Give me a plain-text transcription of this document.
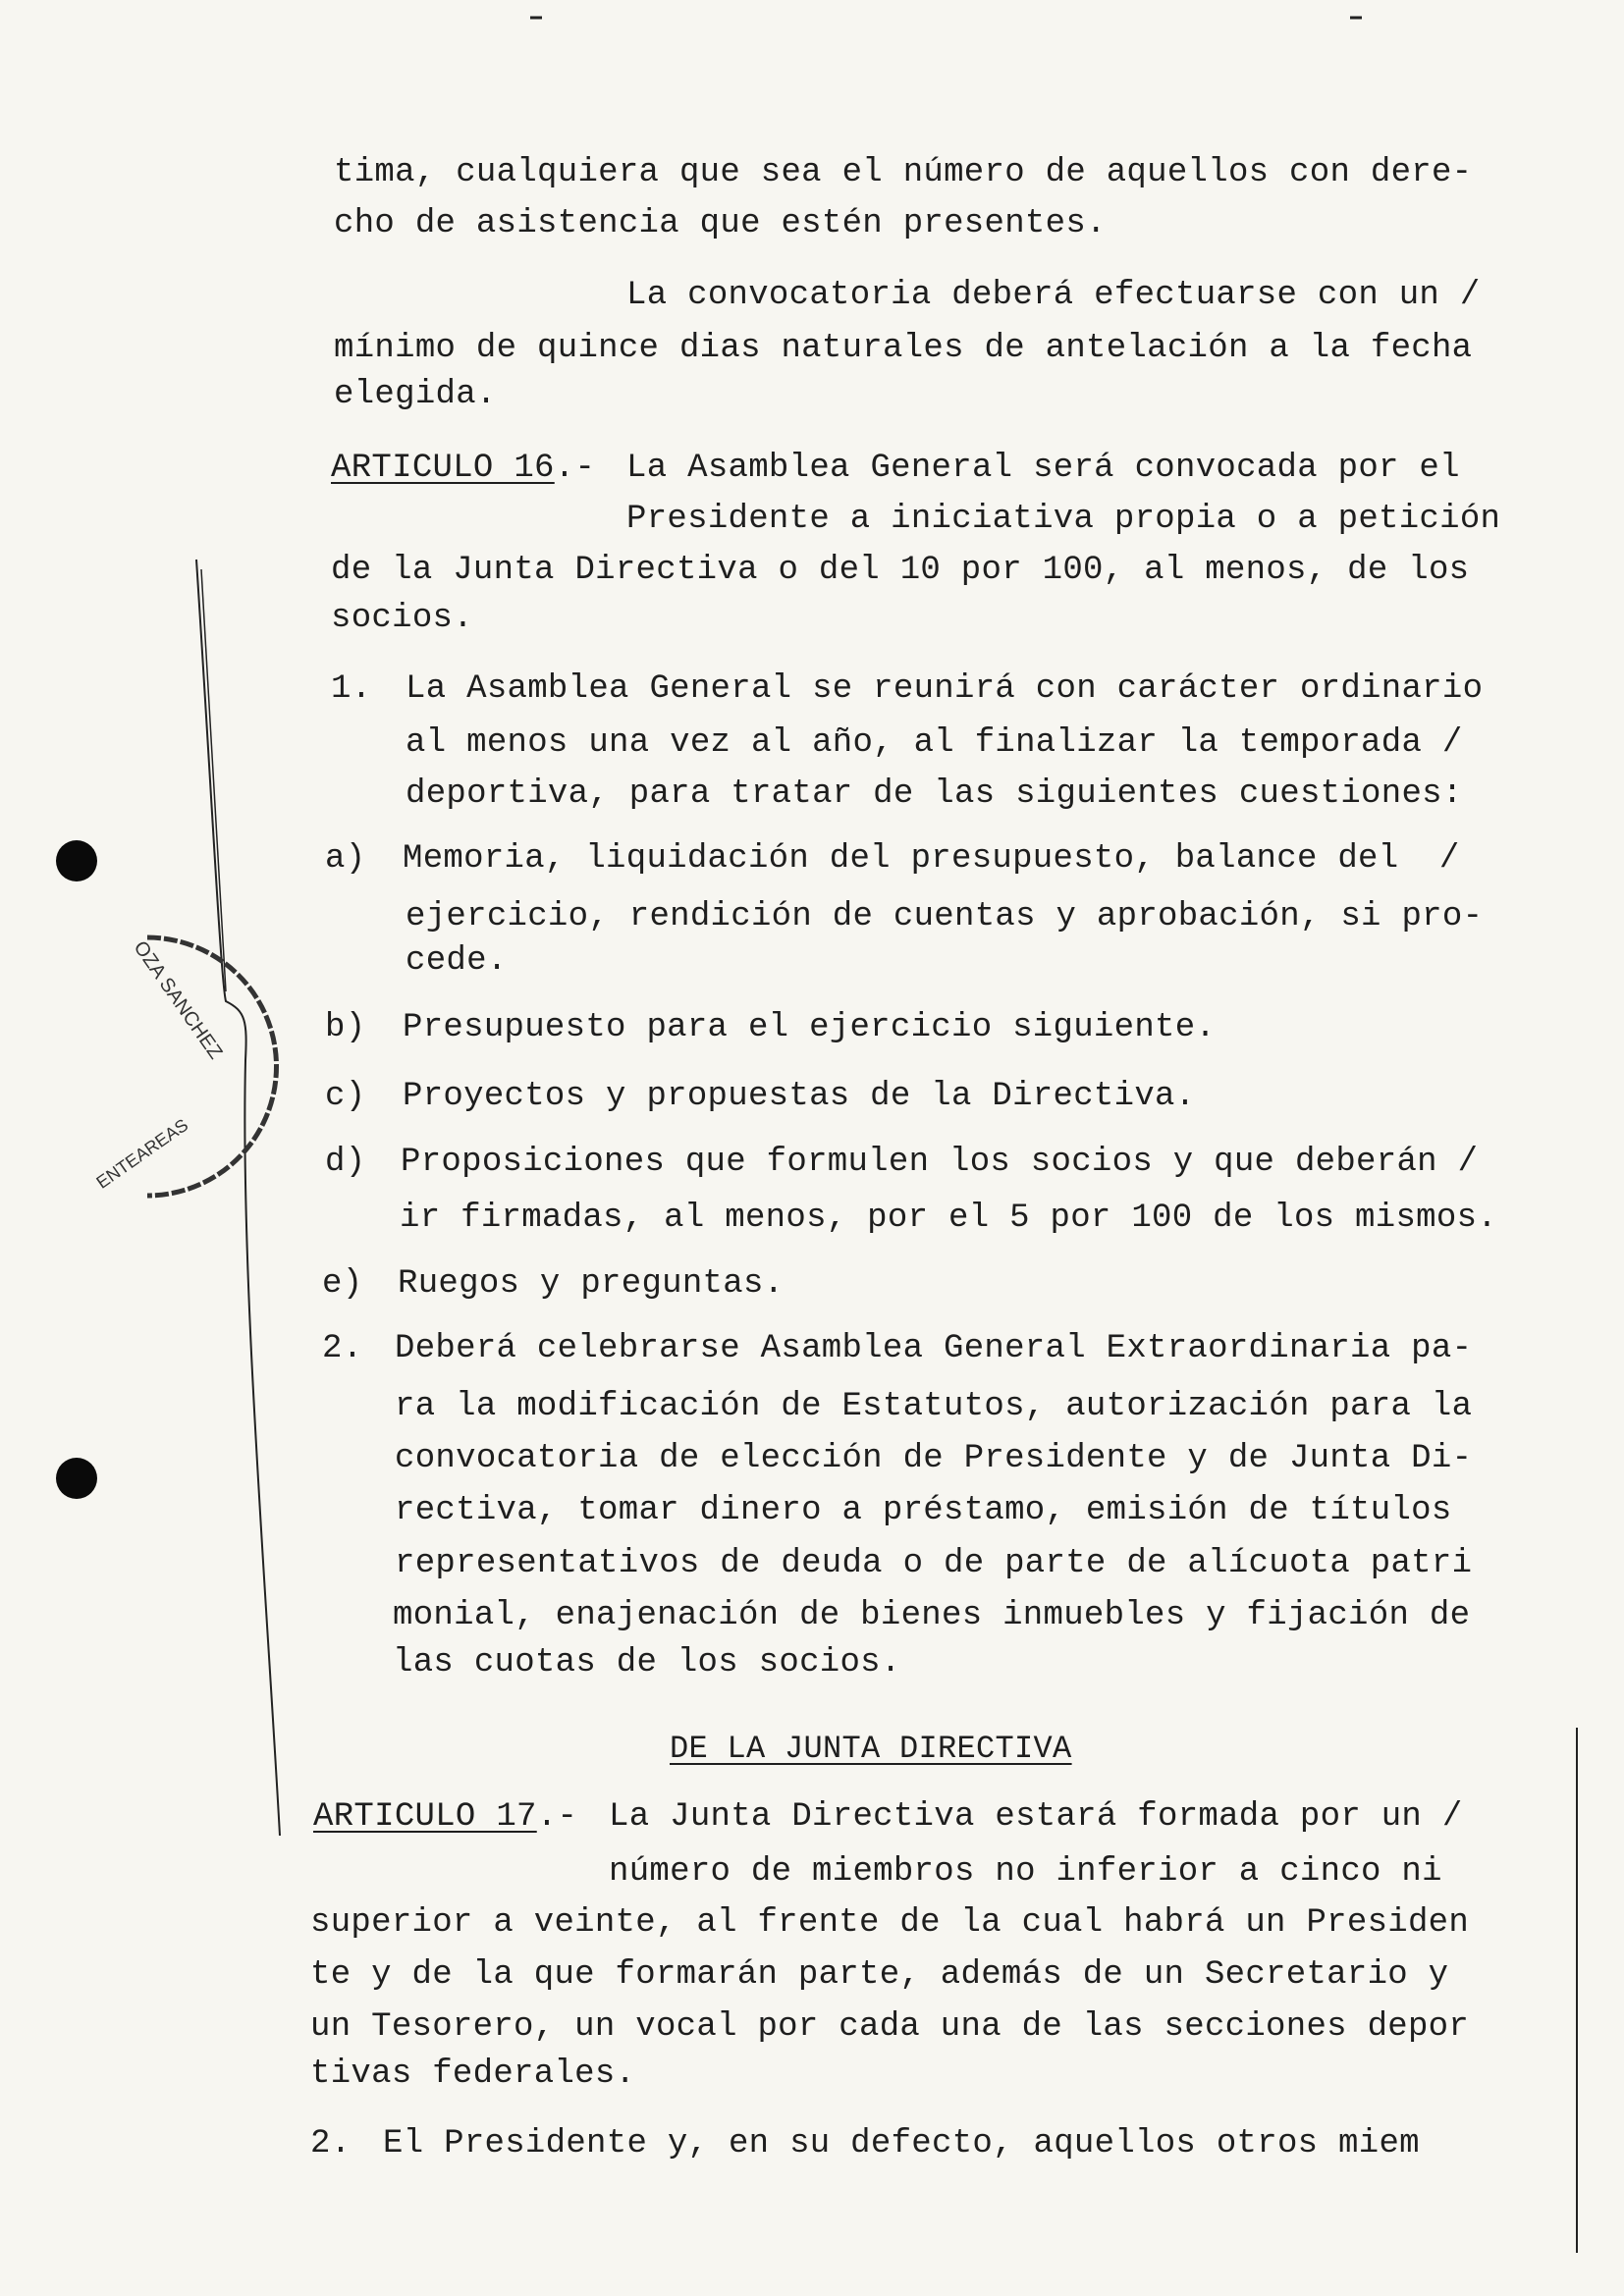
OZA SANCHEZ
ENTEAREAS
tima, cualquiera que sea el número de aquellos con dere-
cho de asistencia que estén presentes.
La convocatoria deberá efectuarse con un /
mínimo de quince dias naturales de antelación a la fecha
elegida.
ARTICULO 16.- La Asamblea General será convocada por el
Presidente a iniciativa propia o a petición
de la Junta Directiva o del 10 por 100, al menos, de los
socios.
1. La Asamblea General se reunirá con carácter ordinario
al menos una vez al año, al finalizar la temporada /
deportiva, para tratar de las siguientes cuestiones:
a) Memoria, liquidación del presupuesto, balance del  /
ejercicio, rendición de cuentas y aprobación, si pro-
cede.
b) Presupuesto para el ejercicio siguiente.
c) Proyectos y propuestas de la Directiva.
d) Proposiciones que formulen los socios y que deberán /
ir firmadas, al menos, por el 5 por 100 de los mismos.
e) Ruegos y preguntas.
2. Deberá celebrarse Asamblea General Extraordinaria pa-
ra la modificación de Estatutos, autorización para la
convocatoria de elección de Presidente y de Junta Di-
rectiva, tomar dinero a préstamo, emisión de títulos
representativos de deuda o de parte de alícuota patri
monial, enajenación de bienes inmuebles y fijación de
las cuotas de los socios.
DE LA JUNTA DIRECTIVA
ARTICULO 17.- La Junta Directiva estará formada por un /
número de miembros no inferior a cinco ni
superior a veinte, al frente de la cual habrá un Presiden
te y de la que formarán parte, además de un Secretario y
un Tesorero, un vocal por cada una de las secciones depor
tivas federales.
2. El Presidente y, en su defecto, aquellos otros miem
